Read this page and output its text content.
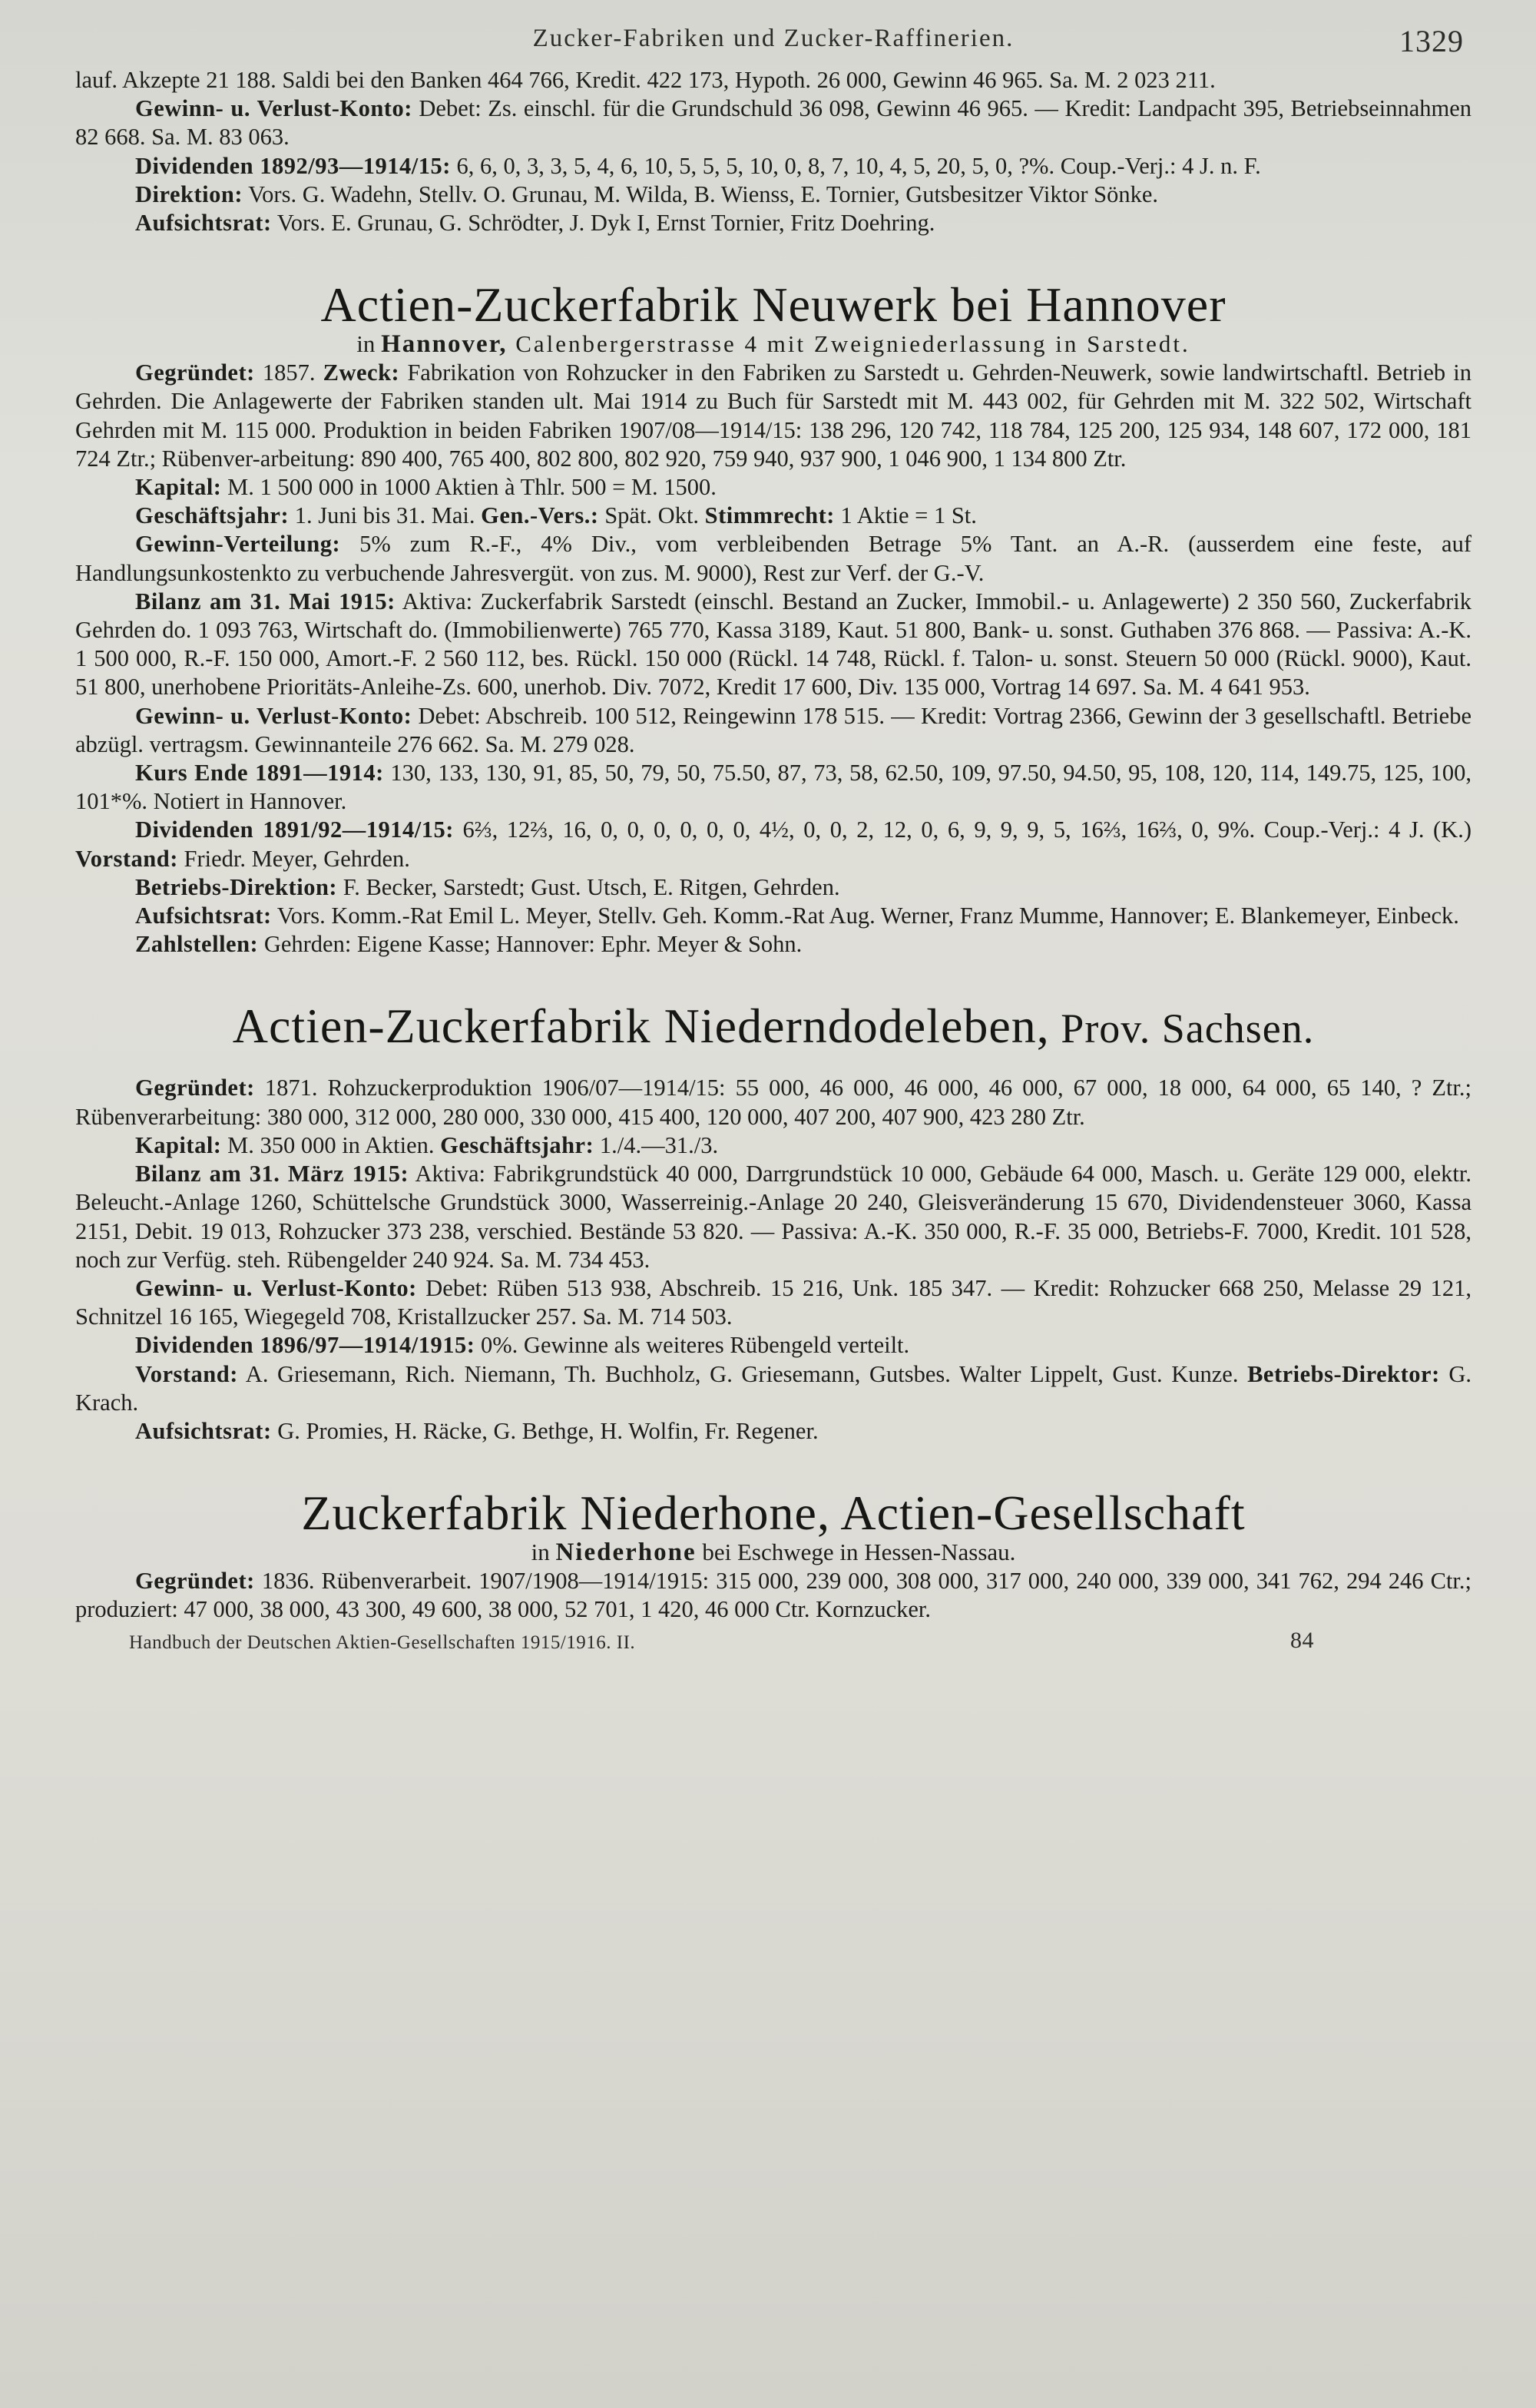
Zucker-Fabriken und Zucker-Raffinerien.	1329

lauf. Akzepte 21 188. Saldi bei den Banken 464 766, Kredit. 422 173, Hypoth. 26 000, Gewinn 46 965. Sa. M. 2 023 211.

Gewinn- u. Verlust-Konto: Debet: Zs. einschl. für die Grundschuld 36 098, Gewinn 46 965. — Kredit: Landpacht 395, Betriebseinnahmen 82 668. Sa. M. 83 063.

Dividenden 1892/93—1914/15: 6, 6, 0, 3, 3, 5, 4, 6, 10, 5, 5, 5, 10, 0, 8, 7, 10, 4, 5, 20, 5, 0, ?%. Coup.-Verj.: 4 J. n. F.

Direktion: Vors. G. Wadehn, Stellv. O. Grunau, M. Wilda, B. Wienss, E. Tornier, Gutsbesitzer Viktor Sönke.

Aufsichtsrat: Vors. E. Grunau, G. Schrödter, J. Dyk I, Ernst Tornier, Fritz Doehring.

Actien-Zuckerfabrik Neuwerk bei Hannover

in Hannover, Calenbergerstrasse 4 mit Zweigniederlassung in Sarstedt.

Gegründet: 1857. Zweck: Fabrikation von Rohzucker in den Fabriken zu Sarstedt u. Gehrden-Neuwerk, sowie landwirtschaftl. Betrieb in Gehrden. Die Anlagewerte der Fabriken standen ult. Mai 1914 zu Buch für Sarstedt mit M. 443 002, für Gehrden mit M. 322 502, Wirtschaft Gehrden mit M. 115 000. Produktion in beiden Fabriken 1907/08—1914/15: 138 296, 120 742, 118 784, 125 200, 125 934, 148 607, 172 000, 181 724 Ztr.; Rübenver-arbeitung: 890 400, 765 400, 802 800, 802 920, 759 940, 937 900, 1 046 900, 1 134 800 Ztr.

Kapital: M. 1 500 000 in 1000 Aktien à Thlr. 500 = M. 1500.

Geschäftsjahr: 1. Juni bis 31. Mai. Gen.-Vers.: Spät. Okt. Stimmrecht: 1 Aktie = 1 St.

Gewinn-Verteilung: 5% zum R.-F., 4% Div., vom verbleibenden Betrage 5% Tant. an A.-R. (ausserdem eine feste, auf Handlungsunkostenkto zu verbuchende Jahresvergüt. von zus. M. 9000), Rest zur Verf. der G.-V.

Bilanz am 31. Mai 1915: Aktiva: Zuckerfabrik Sarstedt (einschl. Bestand an Zucker, Immobil.- u. Anlagewerte) 2 350 560, Zuckerfabrik Gehrden do. 1 093 763, Wirtschaft do. (Immobilienwerte) 765 770, Kassa 3189, Kaut. 51 800, Bank- u. sonst. Guthaben 376 868. — Passiva: A.-K. 1 500 000, R.-F. 150 000, Amort.-F. 2 560 112, bes. Rückl. 150 000 (Rückl. 14 748, Rückl. f. Talon- u. sonst. Steuern 50 000 (Rückl. 9000), Kaut. 51 800, unerhobene Prioritäts-Anleihe-Zs. 600, unerhob. Div. 7072, Kredit 17 600, Div. 135 000, Vortrag 14 697. Sa. M. 4 641 953.

Gewinn- u. Verlust-Konto: Debet: Abschreib. 100 512, Reingewinn 178 515. — Kredit: Vortrag 2366, Gewinn der 3 gesellschaftl. Betriebe abzügl. vertragsm. Gewinnanteile 276 662. Sa. M. 279 028.

Kurs Ende 1891—1914: 130, 133, 130, 91, 85, 50, 79, 50, 75.50, 87, 73, 58, 62.50, 109, 97.50, 94.50, 95, 108, 120, 114, 149.75, 125, 100, 101*%. Notiert in Hannover.

Dividenden 1891/92—1914/15: 6⅔, 12⅔, 16, 0, 0, 0, 0, 0, 0, 4½, 0, 0, 2, 12, 0, 6, 9, 9, 9, 5, 16⅔, 16⅔, 0, 9%. Coup.-Verj.: 4 J. (K.) Vorstand: Friedr. Meyer, Gehrden.

Betriebs-Direktion: F. Becker, Sarstedt; Gust. Utsch, E. Ritgen, Gehrden.

Aufsichtsrat: Vors. Komm.-Rat Emil L. Meyer, Stellv. Geh. Komm.-Rat Aug. Werner, Franz Mumme, Hannover; E. Blankemeyer, Einbeck.

Zahlstellen: Gehrden: Eigene Kasse; Hannover: Ephr. Meyer & Sohn.

Actien-Zuckerfabrik Niederndodeleben, Prov. Sachsen.

Gegründet: 1871. Rohzuckerproduktion 1906/07—1914/15: 55 000, 46 000, 46 000, 46 000, 67 000, 18 000, 64 000, 65 140, ? Ztr.; Rübenverarbeitung: 380 000, 312 000, 280 000, 330 000, 415 400, 120 000, 407 200, 407 900, 423 280 Ztr.

Kapital: M. 350 000 in Aktien. Geschäftsjahr: 1./4.—31./3.

Bilanz am 31. März 1915: Aktiva: Fabrikgrundstück 40 000, Darrgrundstück 10 000, Gebäude 64 000, Masch. u. Geräte 129 000, elektr. Beleucht.-Anlage 1260, Schüttelsche Grundstück 3000, Wasserreinig.-Anlage 20 240, Gleisveränderung 15 670, Dividendensteuer 3060, Kassa 2151, Debit. 19 013, Rohzucker 373 238, verschied. Bestände 53 820. — Passiva: A.-K. 350 000, R.-F. 35 000, Betriebs-F. 7000, Kredit. 101 528, noch zur Verfüg. steh. Rübengelder 240 924. Sa. M. 734 453.

Gewinn- u. Verlust-Konto: Debet: Rüben 513 938, Abschreib. 15 216, Unk. 185 347. — Kredit: Rohzucker 668 250, Melasse 29 121, Schnitzel 16 165, Wiegegeld 708, Kristallzucker 257. Sa. M. 714 503.

Dividenden 1896/97—1914/1915: 0%. Gewinne als weiteres Rübengeld verteilt.

Vorstand: A. Griesemann, Rich. Niemann, Th. Buchholz, G. Griesemann, Gutsbes. Walter Lippelt, Gust. Kunze. Betriebs-Direktor: G. Krach.

Aufsichtsrat: G. Promies, H. Räcke, G. Bethge, H. Wolfin, Fr. Regener.

Zuckerfabrik Niederhone, Actien-Gesellschaft

in Niederhone bei Eschwege in Hessen-Nassau.

Gegründet: 1836. Rübenverarbeit. 1907/1908—1914/1915: 315 000, 239 000, 308 000, 317 000, 240 000, 339 000, 341 762, 294 246 Ctr.; produziert: 47 000, 38 000, 43 300, 49 600, 38 000, 52 701, 1 420, 46 000 Ctr. Kornzucker.

Handbuch der Deutschen Aktien-Gesellschaften 1915/1916. II.	84
